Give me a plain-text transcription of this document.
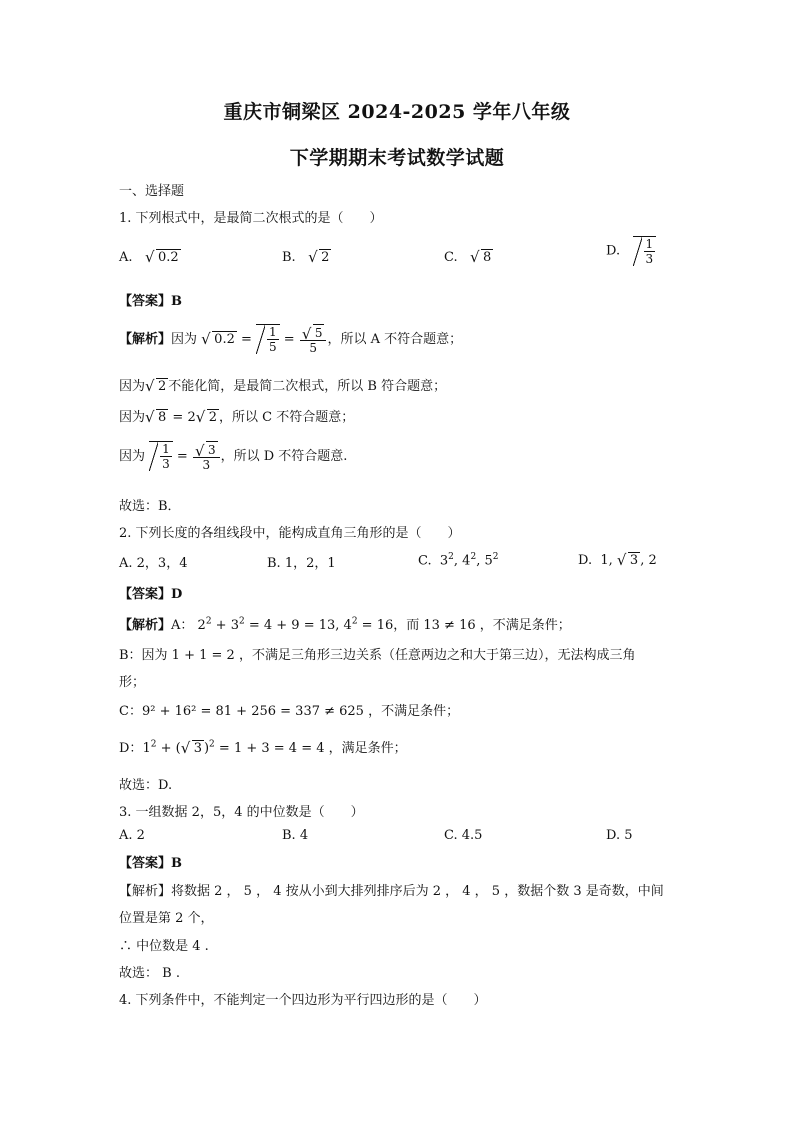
重庆市铜梁区 2024-2025 学年八年级
下学期期末考试数学试题
一、选择题
1. 下列根式中，是最简二次根式的是（　　）
A. √ 0.2	B. √ 2	C. √ 8	D. $\frac{1}{3}$
【答案】B
【解析】因为 √ $0.2 = \frac{1}{5}$ = √ $\frac{5}{5}$ ，所以 A 不符合题意；
因为 √ 2 不能化简，是最简二次根式，所以 B 符合题意；
因为 √ 8 = 2 √ 2 ，所以 C 不符合题意；
因为 $\frac{1}{3}$ = √ $\frac{3}{3}$ ，所以 D 不符合题意.
故选：B．
2. 下列长度的各组线段中，能构成直角三角形的是（　　）
A. 2，3，4	B. 1，2，1	C.  $3^2$, $4^2$, $5^2$	D.  1, √ 3 , 2
【答案】D
【解析】A： $2^2 + 3^2 = 4 + 9 = 13$, $4^2 = 16$，而 13 ≠ 16 ，不满足条件；
B：因为 1 + 1 = 2 ，不满足三角形三边关系（任意两边之和大于第三边），无法构成三角
形；
C：9² + 16² = 81 + 256 = 337 ≠ 625 ，不满足条件；
D：$1^2$ + ( √ 3 )$^2$ = 1 + 3 = 4 = 4 ，满足条件；
故选：D.
3. 一组数据 2，5，4 的中位数是（　　）
A. 2	B. 4	C. 4.5	D. 5
【答案】B
【解析】将数据 2 ， 5 ， 4 按从小到大排列排序后为 2 ， 4 ， 5 ，数据个数 3 是奇数，中间
位置是第 2 个，
∴ 中位数是 4 .
故选： B .
4. 下列条件中，不能判定一个四边形为平行四边形的是（　　）
